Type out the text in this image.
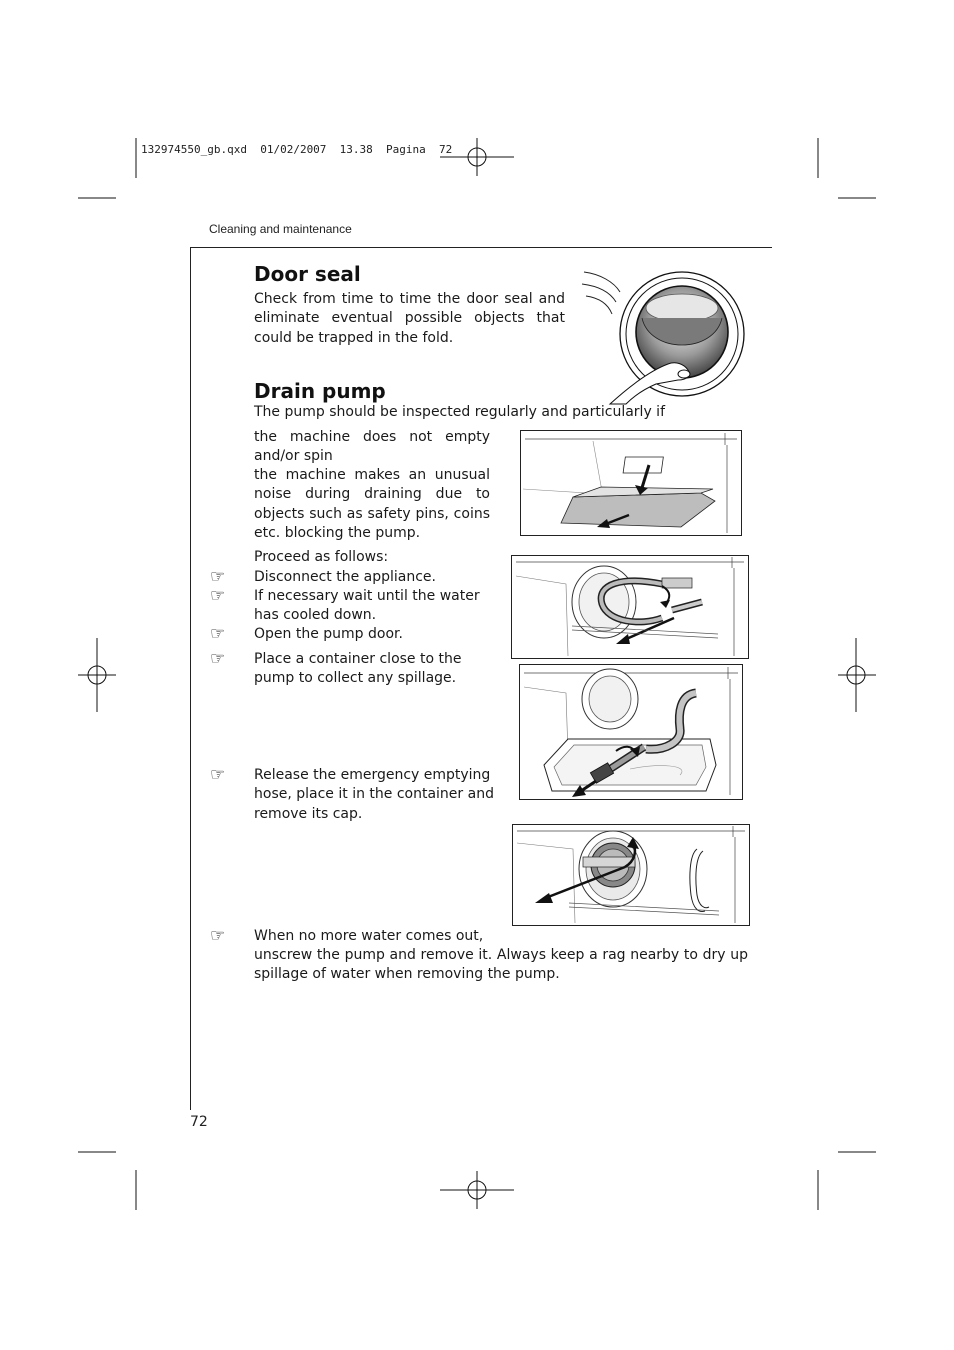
132974550_gb.qxd  01/02/2007  13.38  Pagina  72
Cleaning and maintenance
Door seal
Check from time to time the door seal and eliminate eventual possible objects that could be trapped in the fold.
Drain pump
The pump should be inspected regularly and particularly if
the machine does not empty and/or spin
the machine makes an unusual noise during draining due to objects such as safety pins, coins etc. blocking the pump.
Proceed as follows:
☞
☞
☞
☞
☞
☞
Disconnect the appliance.
If necessary wait until the water has cooled down.
Open the pump door.
Place a container close to the pump to collect any spillage.
Release the emergency emptying hose, place it in the container and remove its cap.
When no more water comes out,
unscrew the pump and remove it. Always keep a rag nearby to dry up spillage of water when removing the pump.
72
